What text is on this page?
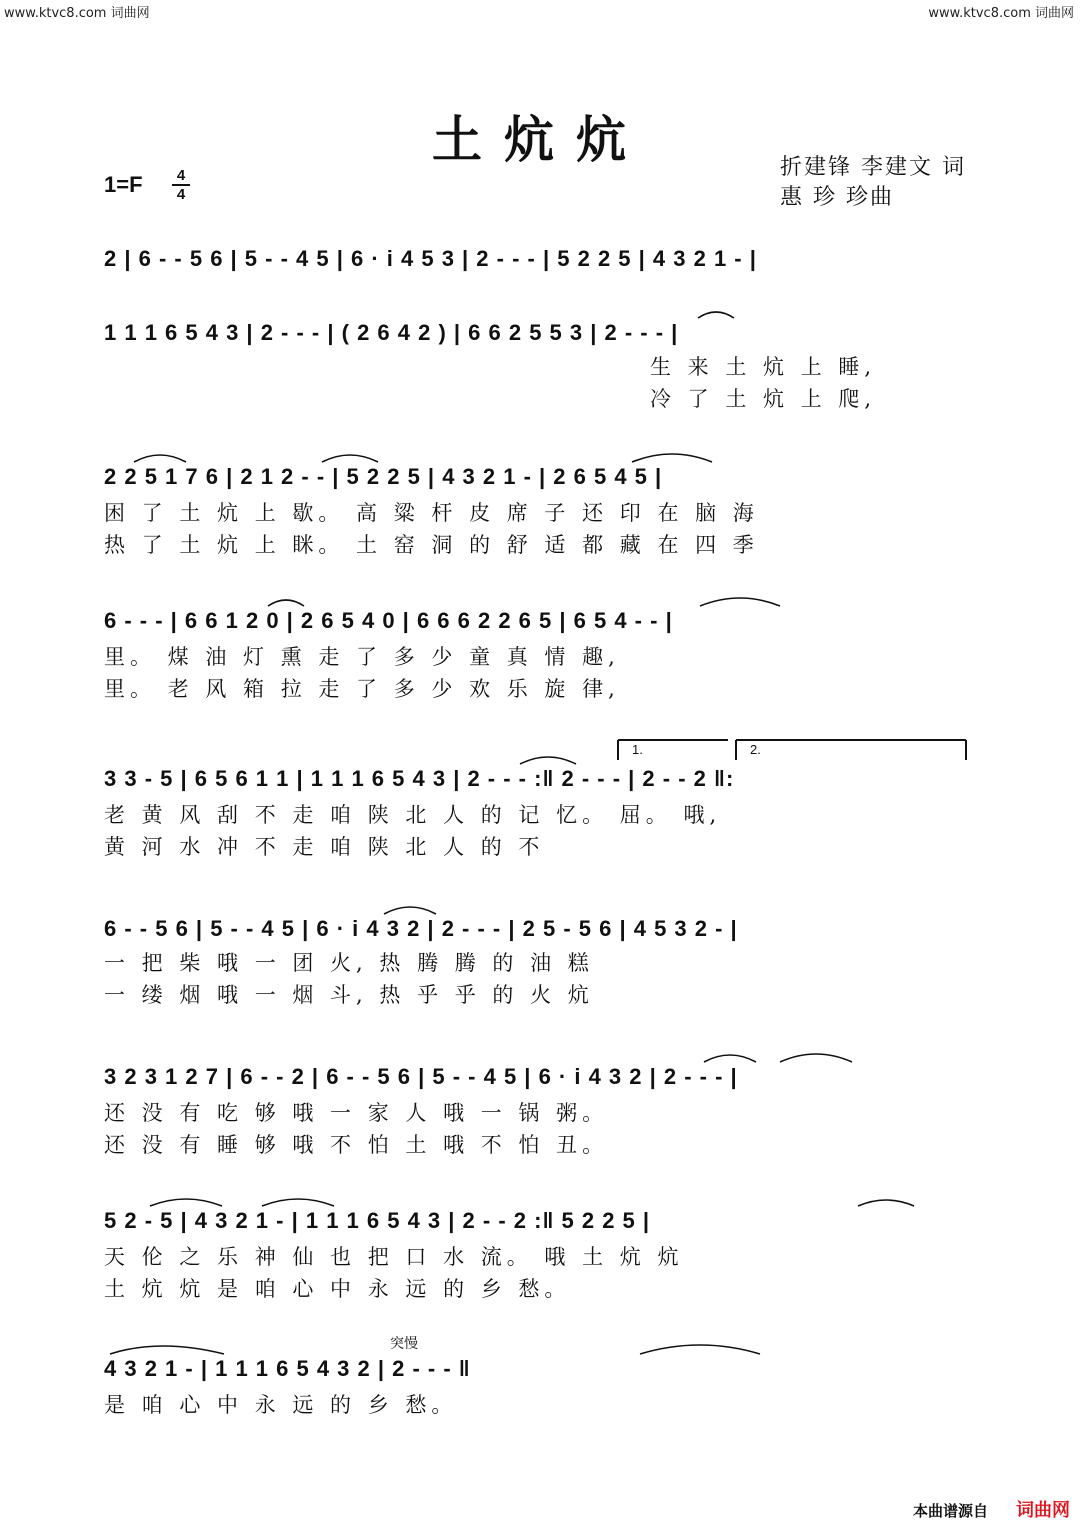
www.ktvc8.com 词曲网	www.ktvc8.com 词曲网
土炕炕
1=F	4
4
折建锋 李建文 词
惠 珍 珍曲
2 | 6 - - 5 6 | 5 - - 4 5 | 6 · i 4 5 3 | 2 - - - | 5 2 2 5 | 4 3 2 1 - |
1 1 1 6 5 4 3 | 2 - - - | ( 2 6 4 2 ) | 6 6 2 5 5 3 | 2 - - - |
生 来 土 炕 上 睡,
冷 了 土 炕 上 爬,
2 2 5 1 7 6 | 2 1 2 - - | 5 2 2 5 | 4 3 2 1 - | 2 6 5 4 5 |
困 了 土 炕 上 歇。 高 粱 杆 皮 席 子 还 印 在 脑 海
热 了 土 炕 上 眯。 土 窑 洞 的 舒 适 都 藏 在 四 季
6 - - - | 6 6 1 2 0 | 2 6 5 4 0 | 6 6 6 2 2 6 5 | 6 5 4 - - |
里。 煤 油 灯 熏 走 了 多 少 童 真 情 趣,
里。 老 风 箱 拉 走 了 多 少 欢 乐 旋 律,
3 3 - 5 | 6 5 6 1 1 | 1 1 1 6 5 4 3 | 2 - - - :‖ 2 - - - | 2 - - 2 ‖:
老 黄 风 刮 不 走 咱 陕 北 人 的 记 忆。 屈。 哦,
黄 河 水 冲 不 走 咱 陕 北 人 的 不
1.	2.
6 - - 5 6 | 5 - - 4 5 | 6 · i 4 3 2 | 2 - - - | 2 5 - 5 6 | 4 5 3 2 - |
一 把 柴 哦 一 团 火, 热 腾 腾 的 油 糕
一 缕 烟 哦 一 烟 斗, 热 乎 乎 的 火 炕
3 2 3 1 2 7 | 6 - - 2 | 6 - - 5 6 | 5 - - 4 5 | 6 · i 4 3 2 | 2 - - - |
还 没 有 吃 够 哦 一 家 人 哦 一 锅 粥。
还 没 有 睡 够 哦 不 怕 土 哦 不 怕 丑。
5 2 - 5 | 4 3 2 1 - | 1 1 1 6 5 4 3 | 2 - - 2 :‖ 5 2 2 5 |
天 伦 之 乐 神 仙 也 把 口 水 流。 哦 土 炕 炕
土 炕 炕 是 咱 心 中 永 远 的 乡 愁。
突慢
4 3 2 1 - | 1 1 1 6 5 4 3 2 | 2 - - - ‖
是 咱 心 中 永 远 的 乡 愁。
本曲谱源自 词曲网
